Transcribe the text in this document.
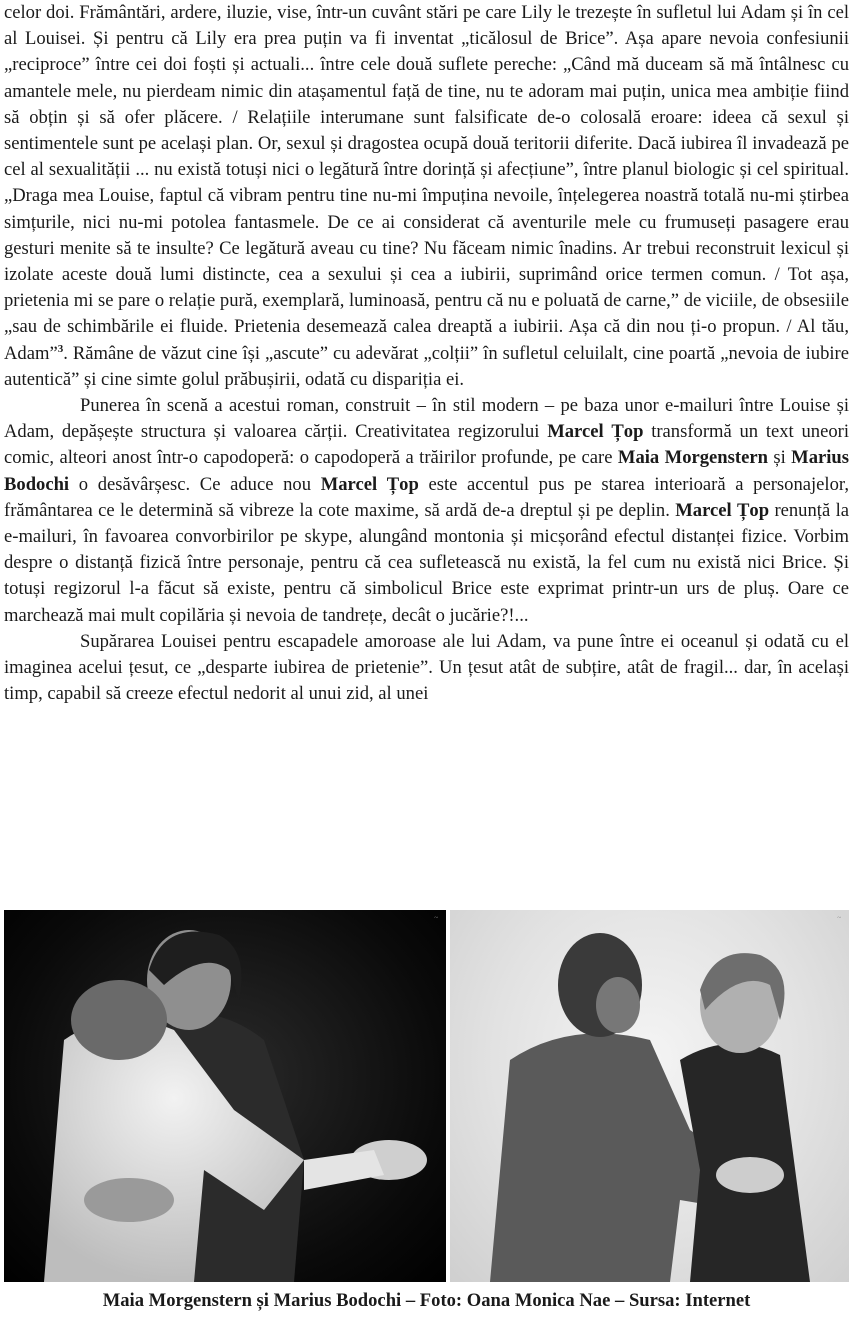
celor doi. Frământări, ardere, iluzie, vise, într-un cuvânt stări pe care Lily le trezește în sufletul lui Adam și în cel al Louisei. Și pentru că Lily era prea puțin va fi inventat „ticălosul de Brice”. Așa apare nevoia confesiunii „reciproce” între cei doi foști și actuali... între cele două suflete pereche: „Când mă duceam să mă întâlnesc cu amantele mele, nu pierdeam nimic din atașamentul față de tine, nu te adoram mai puțin, unica mea ambiție fiind să obțin și să ofer plăcere. / Relațiile interumane sunt falsificate de-o colosală eroare: ideea că sexul și sentimentele sunt pe același plan. Or, sexul și dragostea ocupă două teritorii diferite. Dacă iubirea îl invadează pe cel al sexualității ... nu există totuși nici o legătură între dorință și afecțiune”, între planul biologic și cel spiritual. „Draga mea Louise, faptul că vibram pentru tine nu-mi împuțina nevoile, înțelegerea noastră totală nu-mi știrbea simțurile, nici nu-mi potolea fantasmele. De ce ai considerat că aventurile mele cu frumuseți pasagere erau gesturi menite să te insulte? Ce legătură aveau cu tine? Nu făceam nimic înadins. Ar trebui reconstruit lexicul și izolate aceste două lumi distincte, cea a sexului și cea a iubirii, suprimând orice termen comun. / Tot așa, prietenia mi se pare o relație pură, exemplară, luminoasă, pentru că nu e poluată de carne,” de viciile, de obsesiile „sau de schimbările ei fluide. Prietenia desemează calea dreaptă a iubirii. Așa că din nou ți-o propun. / Al tău, Adam”$^3$. Rămâne de văzut cine își „ascute” cu adevărat „colții” în sufletul celuilalt, cine poartă „nevoia de iubire autentică” și cine simte golul prăbușirii, odată cu dispariția ei.

Punerea în scenă a acestui roman, construit – în stil modern – pe baza unor e-mailuri între Louise și Adam, depășește structura și valoarea cărții. Creativitatea regizorului Marcel Țop transformă un text uneori comic, alteori anost într-o capodoperă: o capodoperă a trăirilor profunde, pe care Maia Morgenstern și Marius Bodochi o desăvârșesc. Ce aduce nou Marcel Țop este accentul pus pe starea interioară a personajelor, frământarea ce le determină să vibreze la cote maxime, să ardă de-a dreptul și pe deplin. Marcel Țop renunță la e-mailuri, în favoarea convorbirilor pe skype, alungând montonia și micșorând efectul distanței fizice. Vorbim despre o distanță fizică între personaje, pentru că cea sufletească nu există, la fel cum nu există nici Brice. Și totuși regizorul l-a făcut să existe, pentru că simbolicul Brice este exprimat printr-un urs de pluș. Oare ce marchează mai mult copilăria și nevoia de tandrețe, decât o jucărie?!...

Supărarea Louisei pentru escapadele amoroase ale lui Adam, va pune între ei oceanul și odată cu el imaginea acelui țesut, ce „desparte iubirea de prietenie”. Un țesut atât de subțire, atât de fragil... dar, în același timp, capabil să creeze efectul nedorit al unui zid, al unei

~	~
Maia Morgenstern și Marius Bodochi – Foto: Oana Monica Nae – Sursa: Internet
